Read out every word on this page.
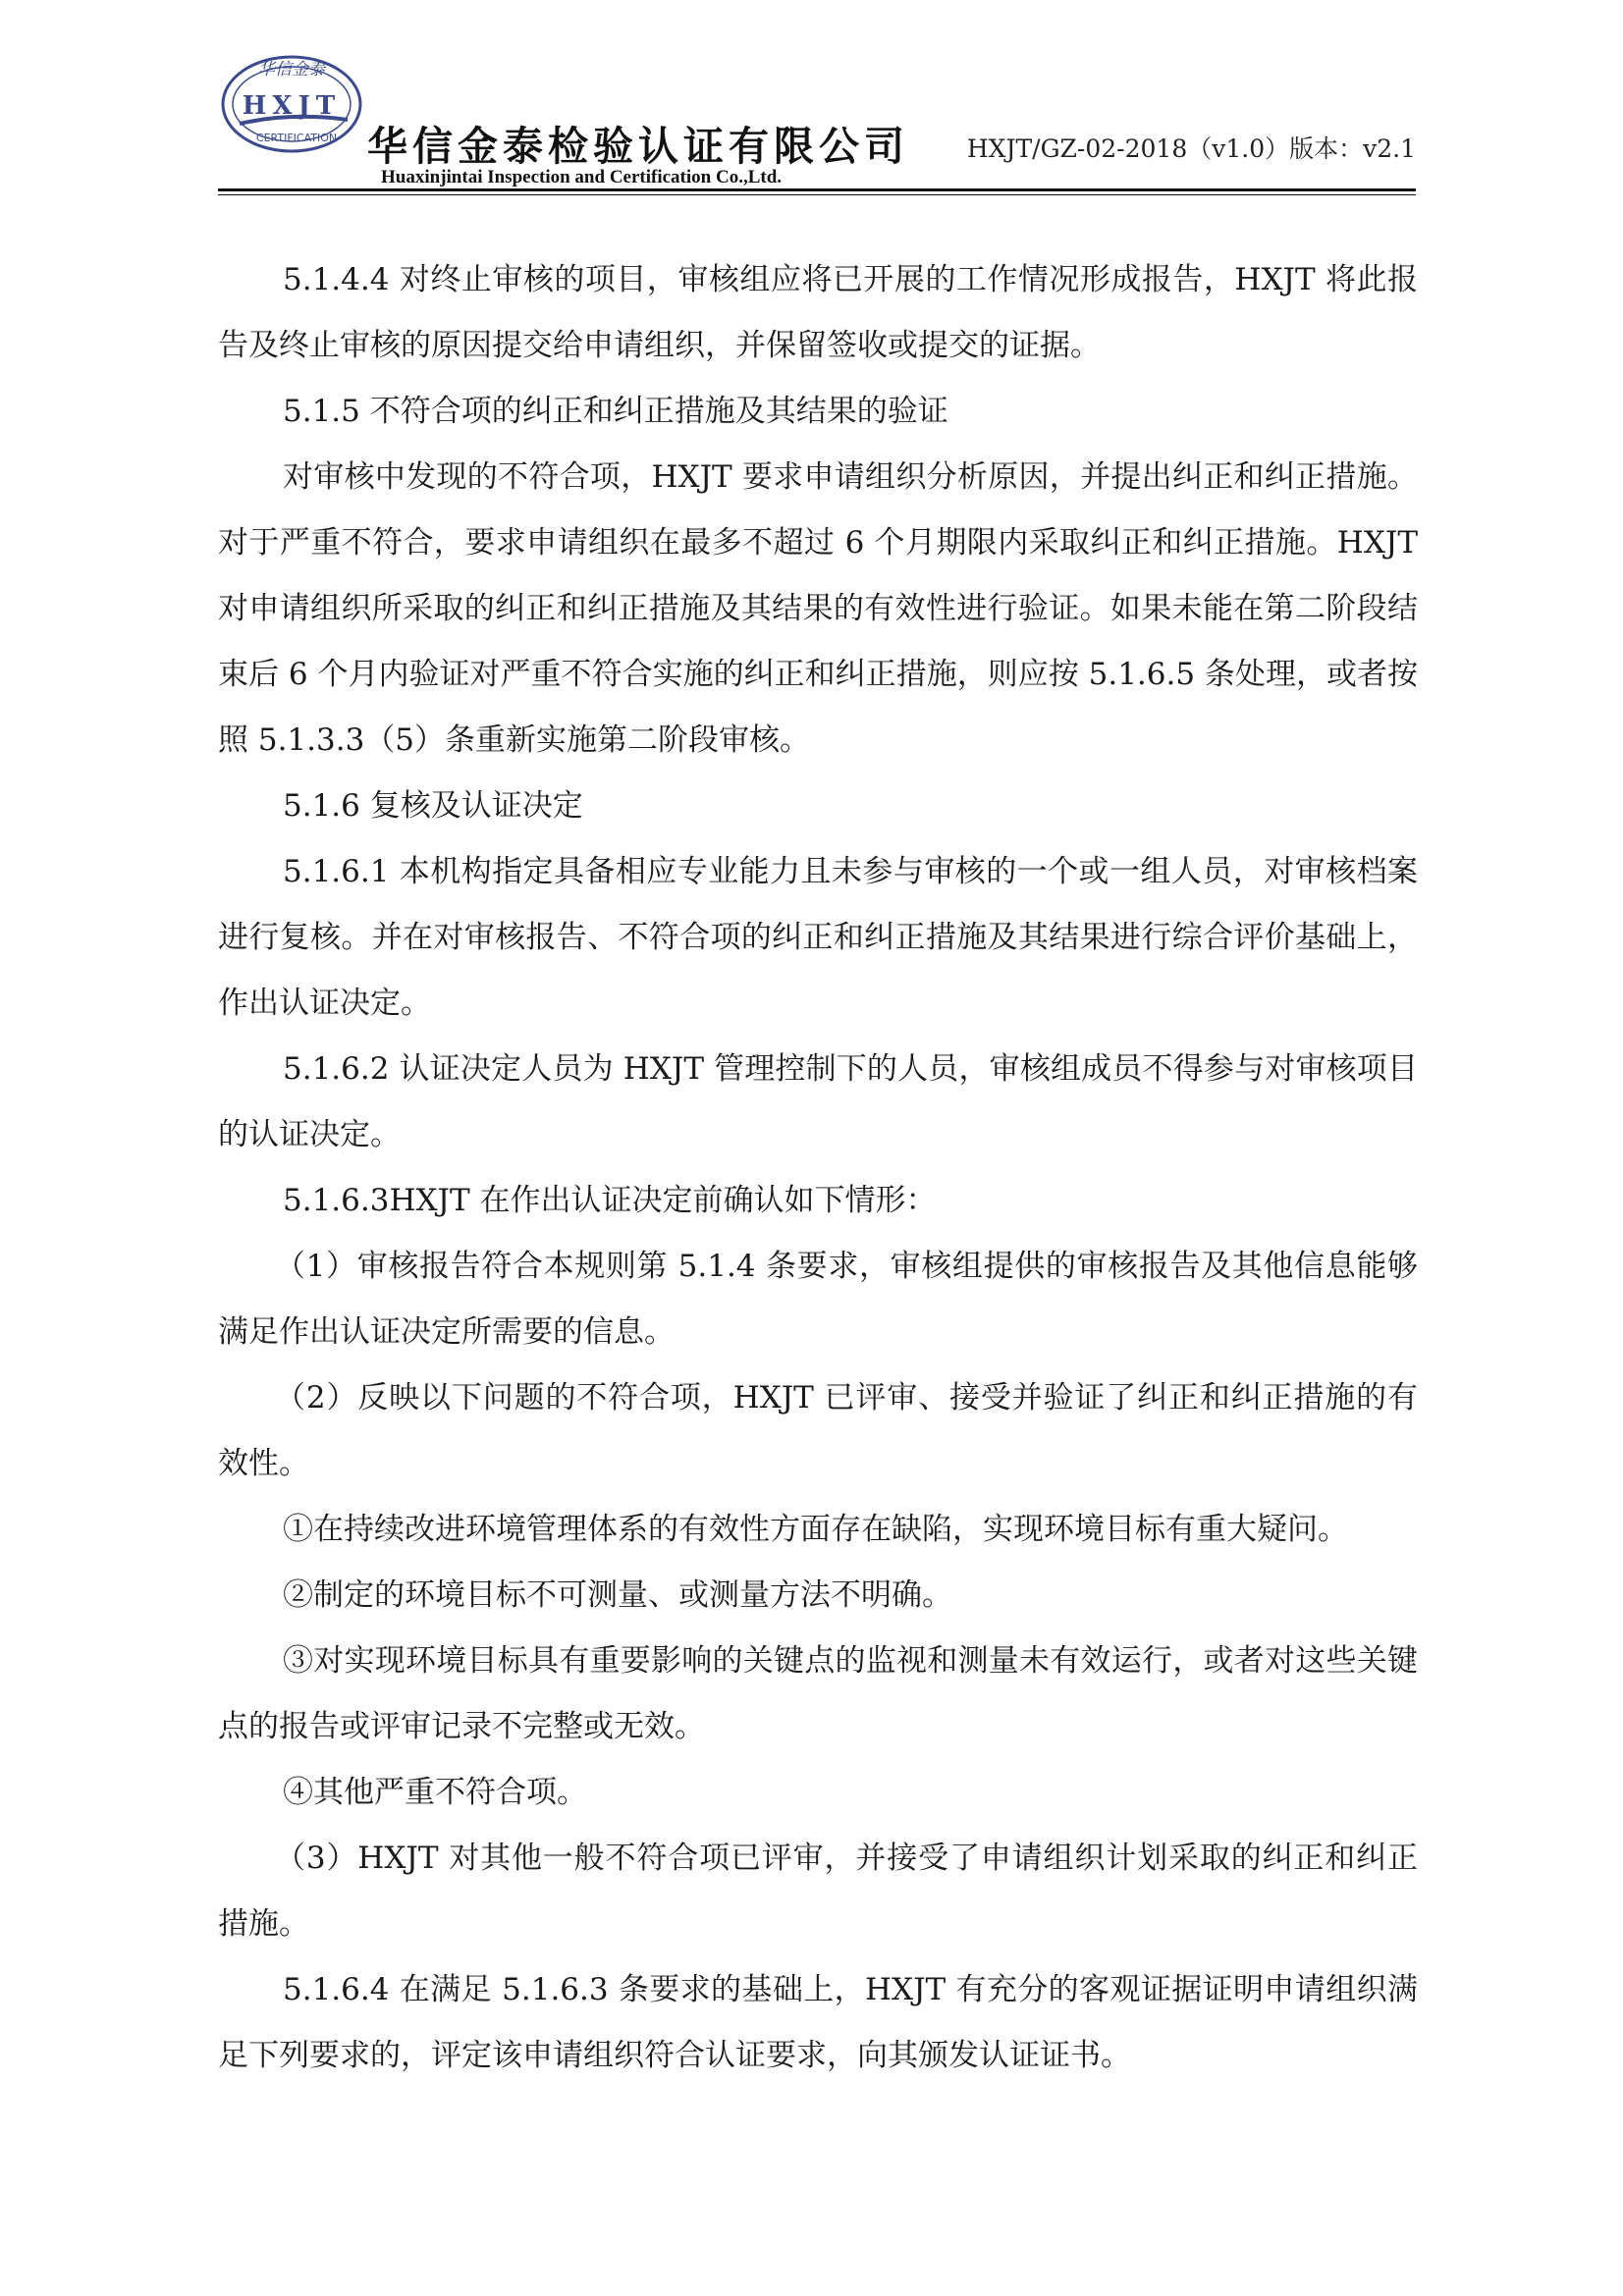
华信金泰
HXJT
CERTIFICATION 华信金泰检验认证有限公司 HXJT/GZ-02-2018（v1.0）版本：v2.1
Huaxinjintai Inspection and Certification Co.,Ltd.

5.1.4.4 对终止审核的项目，审核组应将已开展的工作情况形成报告，HXJT 将此报告及终止审核的原因提交给申请组织，并保留签收或提交的证据。

5.1.5 不符合项的纠正和纠正措施及其结果的验证

对审核中发现的不符合项，HXJT 要求申请组织分析原因，并提出纠正和纠正措施。对于严重不符合，要求申请组织在最多不超过 6 个月期限内采取纠正和纠正措施。HXJT 对申请组织所采取的纠正和纠正措施及其结果的有效性进行验证。如果未能在第二阶段结束后 6 个月内验证对严重不符合实施的纠正和纠正措施，则应按 5.1.6.5 条处理，或者按照 5.1.3.3（5）条重新实施第二阶段审核。

5.1.6 复核及认证决定

5.1.6.1 本机构指定具备相应专业能力且未参与审核的一个或一组人员，对审核档案进行复核。并在对审核报告、不符合项的纠正和纠正措施及其结果进行综合评价基础上，作出认证决定。

5.1.6.2 认证决定人员为 HXJT 管理控制下的人员，审核组成员不得参与对审核项目的认证决定。

5.1.6.3HXJT 在作出认证决定前确认如下情形：

（1）审核报告符合本规则第 5.1.4 条要求，审核组提供的审核报告及其他信息能够满足作出认证决定所需要的信息。

（2）反映以下问题的不符合项，HXJT 已评审、接受并验证了纠正和纠正措施的有效性。

①在持续改进环境管理体系的有效性方面存在缺陷，实现环境目标有重大疑问。

②制定的环境目标不可测量、或测量方法不明确。

③对实现环境目标具有重要影响的关键点的监视和测量未有效运行，或者对这些关键点的报告或评审记录不完整或无效。

④其他严重不符合项。

（3）HXJT 对其他一般不符合项已评审，并接受了申请组织计划采取的纠正和纠正措施。

5.1.6.4 在满足 5.1.6.3 条要求的基础上，HXJT 有充分的客观证据证明申请组织满足下列要求的，评定该申请组织符合认证要求，向其颁发认证证书。
